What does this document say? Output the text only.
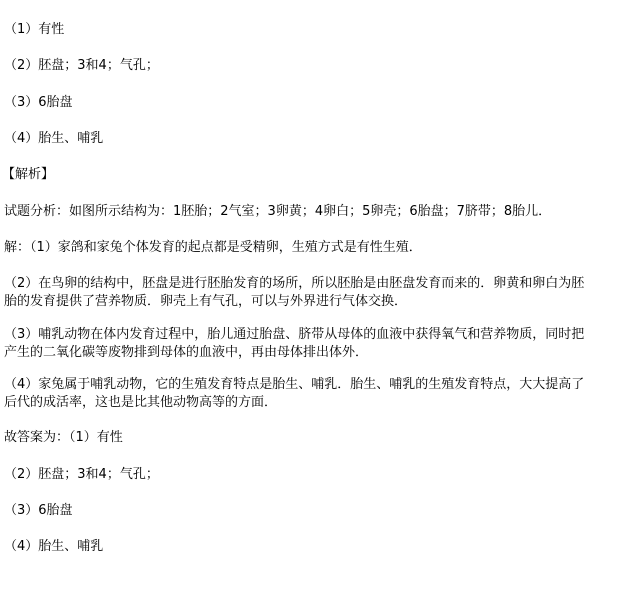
（1）有性
（2）胚盘；3和4；气孔；
（3）6胎盘
（4）胎生、哺乳
【解析】
试题分析：如图所示结构为：1胚胎；2气室；3卵黄；4卵白；5卵壳；6胎盘；7脐带；8胎儿．
解：（1）家鸽和家兔个体发育的起点都是受精卵，生殖方式是有性生殖．
（2）在鸟卵的结构中，胚盘是进行胚胎发育的场所，所以胚胎是由胚盘发育而来的．卵黄和卵白为胚
胎的发育提供了营养物质．卵壳上有气孔，可以与外界进行气体交换．
（3）哺乳动物在体内发育过程中，胎儿通过胎盘、脐带从母体的血液中获得氧气和营养物质，同时把
产生的二氧化碳等废物排到母体的血液中，再由母体排出体外．
（4）家兔属于哺乳动物，它的生殖发育特点是胎生、哺乳．胎生、哺乳的生殖发育特点，大大提高了
后代的成活率，这也是比其他动物高等的方面．
故答案为：（1）有性
（2）胚盘；3和4；气孔；
（3）6胎盘
（4）胎生、哺乳
